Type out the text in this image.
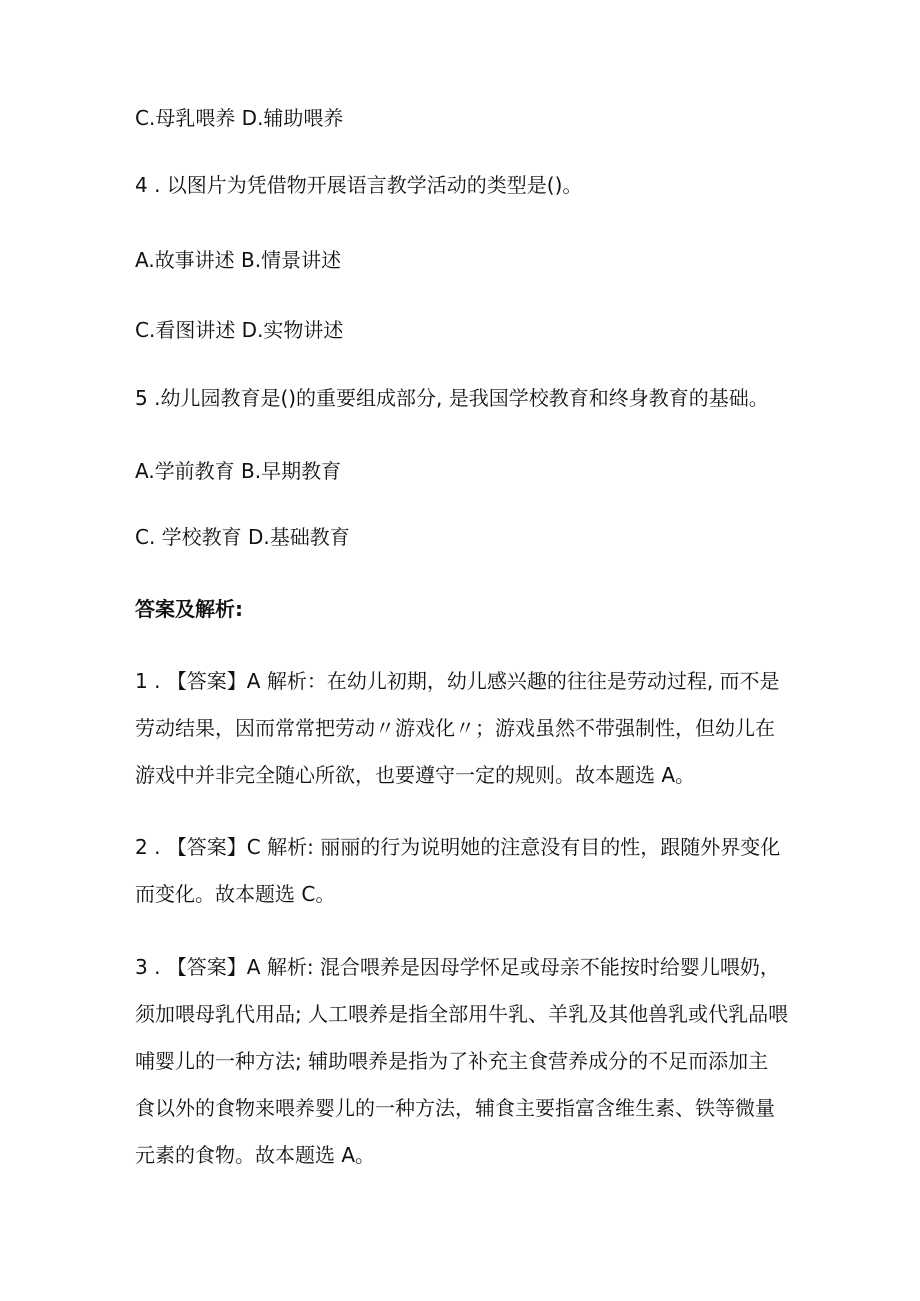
C.母乳喂养 D.辅助喂养

4 . 以图片为凭借物开展语言教学活动的类型是()。

A.故事讲述 B.情景讲述

C.看图讲述 D.实物讲述

5 .幼儿园教育是()的重要组成部分, 是我国学校教育和终身教育的基础。

A.学前教育 B.早期教育

C. 学校教育 D.基础教育

答案及解析:

1 . 【答案】A 解析：在幼儿初期，幼儿感兴趣的往往是劳动过程, 而不是
劳动结果，因而常常把劳动〃游戏化〃；游戏虽然不带强制性，但幼儿在
游戏中并非完全随心所欲，也要遵守一定的规则。故本题选 A。
2 . 【答案】C 解析: 丽丽的行为说明她的注意没有目的性，跟随外界变化
而变化。故本题选 C。
3 . 【答案】A 解析: 混合喂养是因母学怀足或母亲不能按时给婴儿喂奶，
须加喂母乳代用品; 人工喂养是指全部用牛乳、羊乳及其他兽乳或代乳品喂
哺婴儿的一种方法; 辅助喂养是指为了补充主食营养成分的不足而添加主
食以外的食物来喂养婴儿的一种方法，辅食主要指富含维生素、铁等微量
元素的食物。故本题选 A。
